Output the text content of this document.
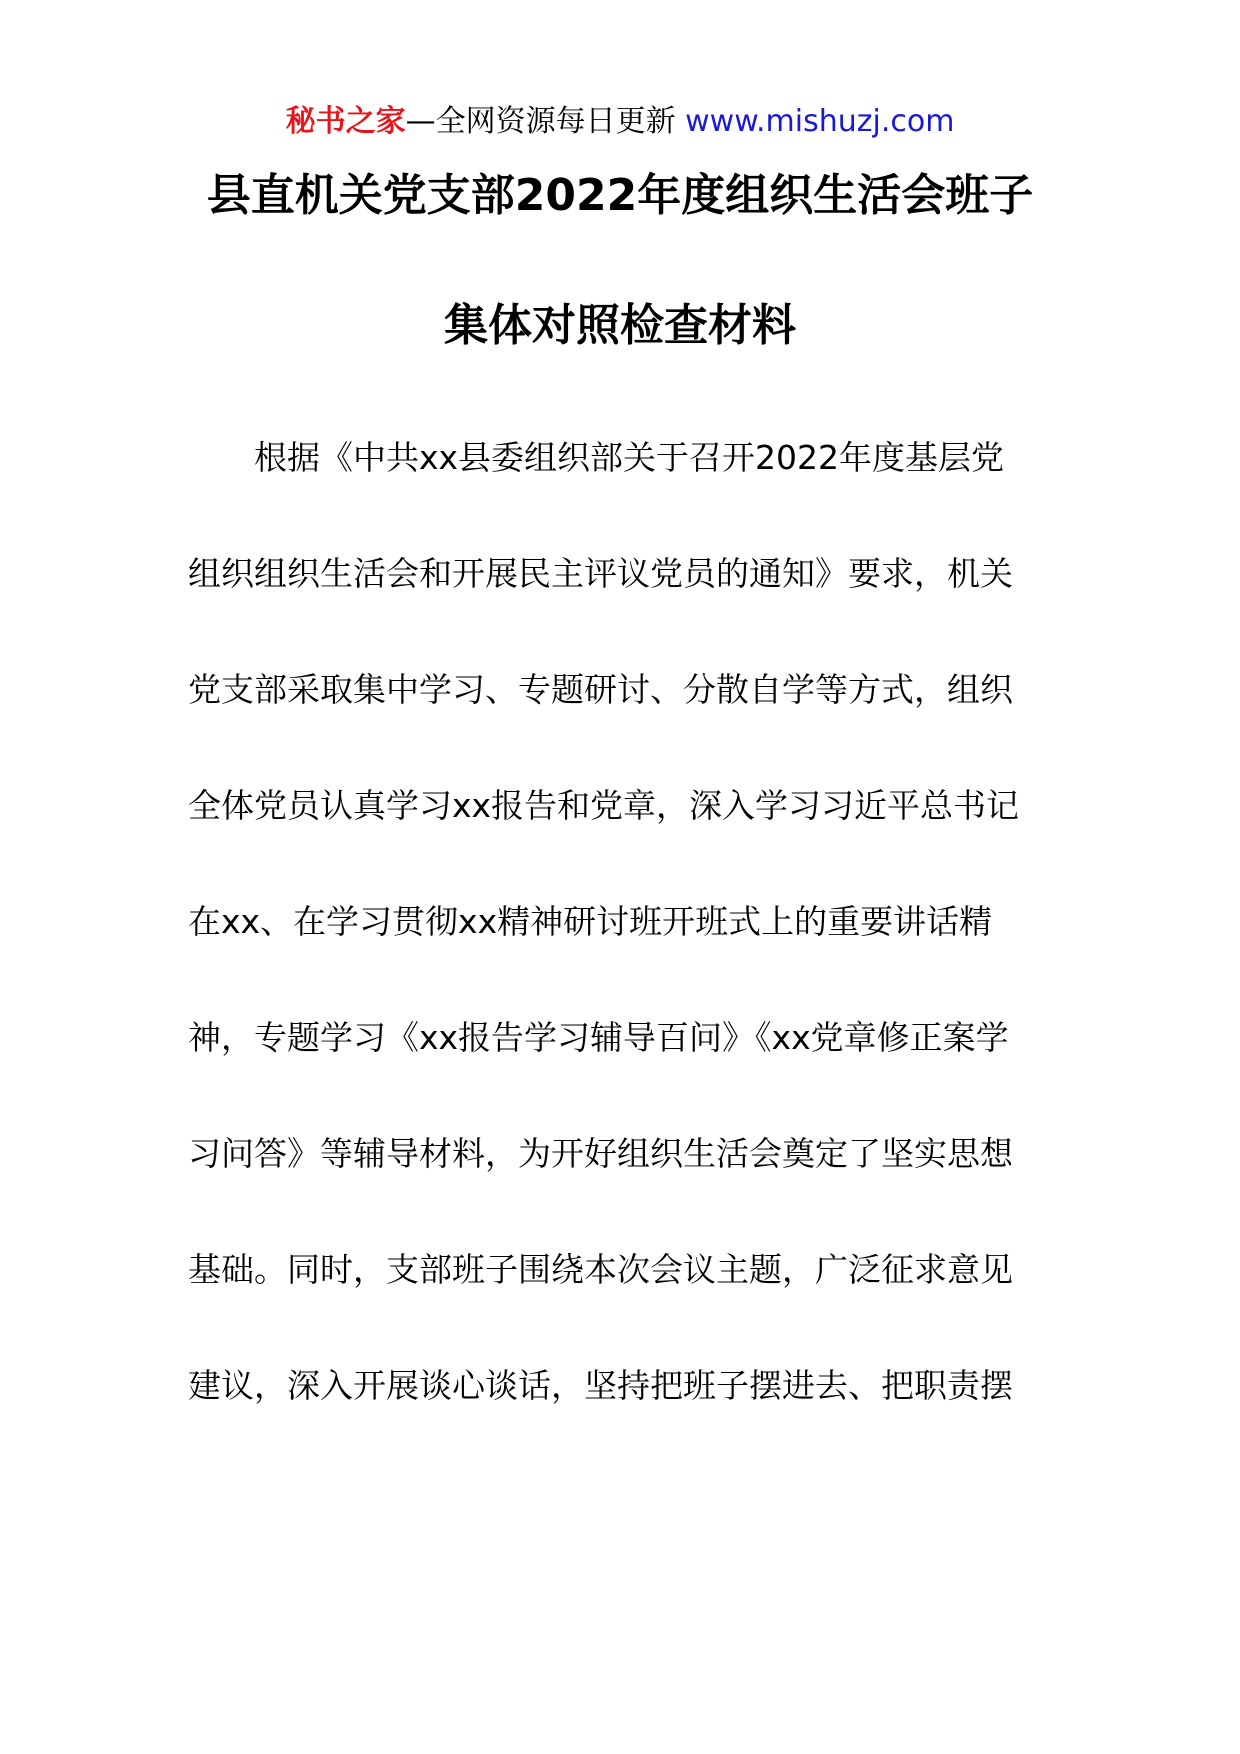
秘书之家—全网资源每日更新 www.mishuzj.com
县直机关党支部2022年度组织生活会班子
集体对照检查材料
　　根据《中共xx县委组织部关于召开2022年度基层党
组织组织生活会和开展民主评议党员的通知》要求，机关
党支部采取集中学习、专题研讨、分散自学等方式，组织
全体党员认真学习xx报告和党章，深入学习习近平总书记
在xx、在学习贯彻xx精神研讨班开班式上的重要讲话精
神，专题学习《xx报告学习辅导百问》《xx党章修正案学
习问答》等辅导材料，为开好组织生活会奠定了坚实思想
基础。同时，支部班子围绕本次会议主题，广泛征求意见
建议，深入开展谈心谈话，坚持把班子摆进去、把职责摆
